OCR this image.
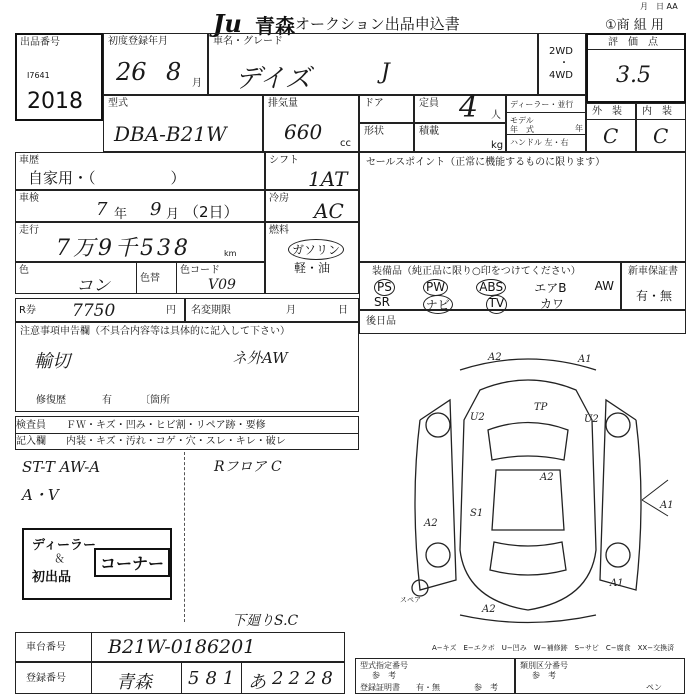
月　日 AA
Ju 青森 オークション出品申込書	①商 組 用
出品番号
I7641
2018
初度登録年月
26 8 月
車名・グレード
デイズ	J
2WD
・
4WD
評　価　点
3.5
型式
DBA-B21W
排気量
660 cc
ドア	定員 4 人
形状	積載
kg
ディーラー・並行
モデル
年　式	年
ハンドル 左・右
外　装
C
内　装
C
車歴
自家用・（　　　　　）
シフト
1AT
車検
7 年 9 月 （2日）
冷房
AC
走行
7万9千538	km
燃料
ガソリン
軽・油
色
コン	色替
色コード
V09
セールスポイント（正常に機能するものに限ります）
装備品（純正品に限り○印をつけてください）
PS	PW	ABS	エアB AW
SR	ナビ	TV	カワ
新車保証書
有・無
R券 7750	円 名変期限	月	日
注意事項申告欄（不具合内容等は具体的に記入して下さい）
輸切	ネ外AW
修復歴	有	〔箇所
後日品
検査員 ＦＷ・キズ・凹み・ヒビ割・リペア跡・要修
記入欄 内装・キズ・汚れ・コゲ・穴・スレ・キレ・破レ
ST-T AW-A
A・V
Rフロア C
下廻りS.C
ディーラー
＆
初出品
コーナー
A2	A1
TP
U2	U2
A2
S1
A2
A1
A1
A2
スペア
A−キズ　E−エクボ　U−凹み　W−補修跡　S−サビ　C−腐食　XX−交換済
車台番号 B21W-0186201
登録番号	青森 581 あ 2228
型式指定番号
参　考
登録証明書 有・無	参　考
類別区分番号
参　考
ペン
